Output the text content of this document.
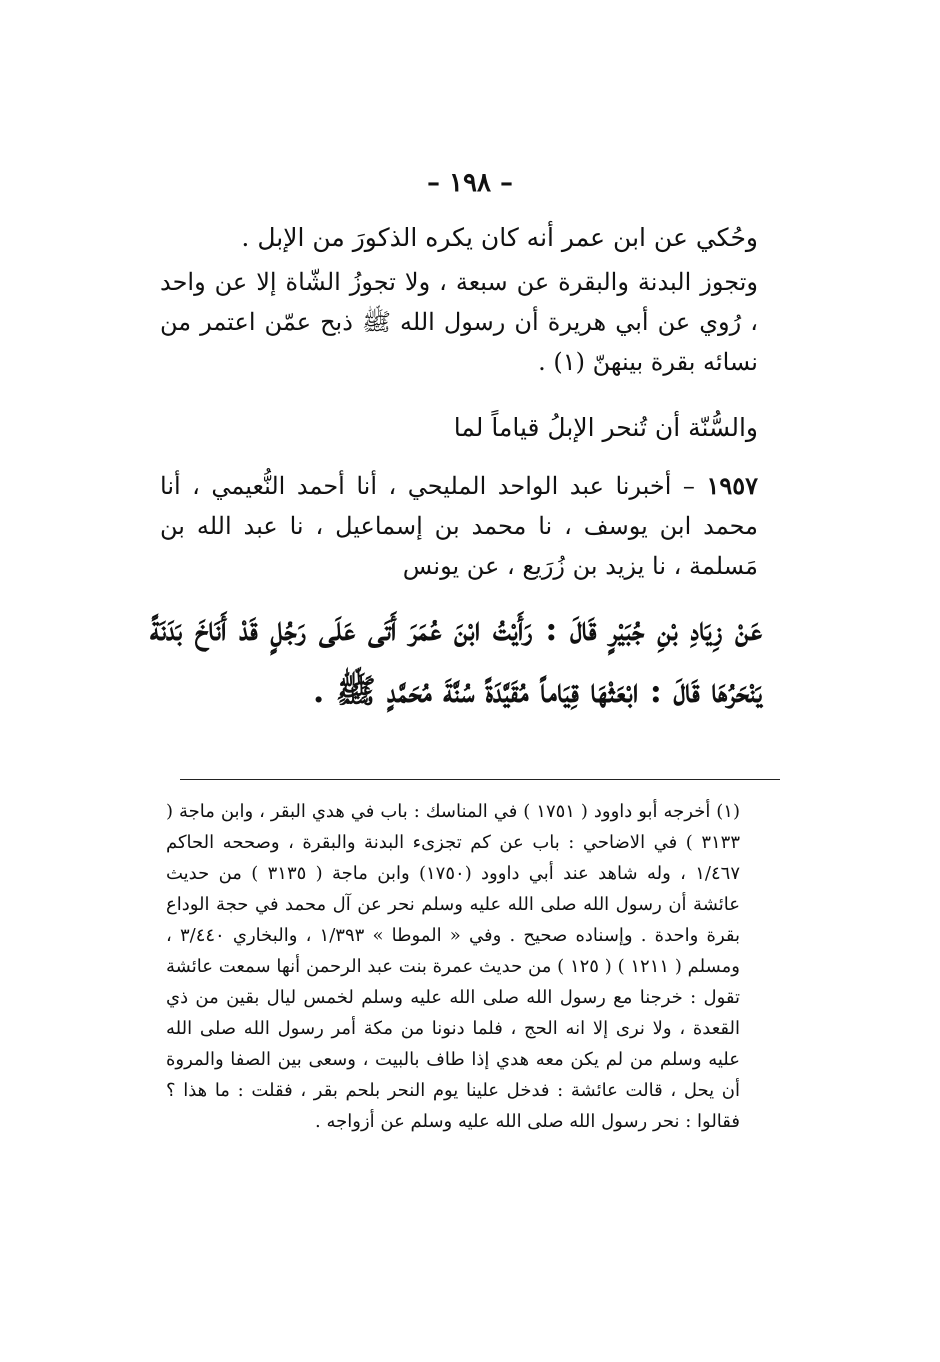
– ١٩٨ –
وحُكي عن ابن عمر أنه كان يكره الذكورَ من الإبل .
وتجوز البدنة والبقرة عن سبعة ، ولا تجوزُ الشّاة إلا عن واحد ، رُوي عن أبي هريرة أن رسول الله ﷺ ذبح عمّن اعتمر من نسائه بقرة بينهنّ (١) .
والسُّنّة أن تُنحر الإبلُ قياماً لما
١٩٥٧ – أخبرنا عبد الواحد المليحي ، أنا أحمد النُّعيمي ، أنا محمد ابن يوسف ، نا محمد بن إسماعيل ، نا عبد الله بن مَسلمة ، نا يزيد بن زُرَيع ، عن يونس
عَنْ زِيَادِ بْنِ جُبَيْرٍ قَالَ : رَأَيْتُ ابْنَ عُمَرَ أَتَى عَلَى رَجُلٍ قَدْ أَنَاخَ بَدَنَةً يَنْحَرُهَا قَالَ : ابْعَثْهَا قِيَاماً مُقَيَّدَةً سُنَّةَ مُحَمَّدٍ ﷺ .
(١) أخرجه أبو داوود ( ١٧٥١ ) في المناسك : باب في هدي البقر ، وابن ماجة ( ٣١٣٣ ) في الاضاحي : باب عن كم تجزىء البدنة والبقرة ، وصححه الحاكم ١/٤٦٧ ، وله شاهد عند أبي داوود (١٧٥٠) وابن ماجة ( ٣١٣٥ ) من حديث عائشة أن رسول الله صلى الله عليه وسلم نحر عن آل محمد في حجة الوداع بقرة واحدة . وإسناده صحيح . وفي « الموطا » ١/٣٩٣ ، والبخاري ٣/٤٤٠ ، ومسلم ( ١٢١١ ) ( ١٢٥ ) من حديث عمرة بنت عبد الرحمن أنها سمعت عائشة تقول : خرجنا مع رسول الله صلى الله عليه وسلم لخمس ليال بقين من ذي القعدة ، ولا نرى إلا انه الحج ، فلما دنونا من مكة أمر رسول الله صلى الله عليه وسلم من لم يكن معه هدي إذا طاف بالبيت ، وسعى بين الصفا والمروة أن يحل ، قالت عائشة : فدخل علينا يوم النحر بلحم بقر ، فقلت : ما هذا ؟ فقالوا : نحر رسول الله صلى الله عليه وسلم عن أزواجه .
